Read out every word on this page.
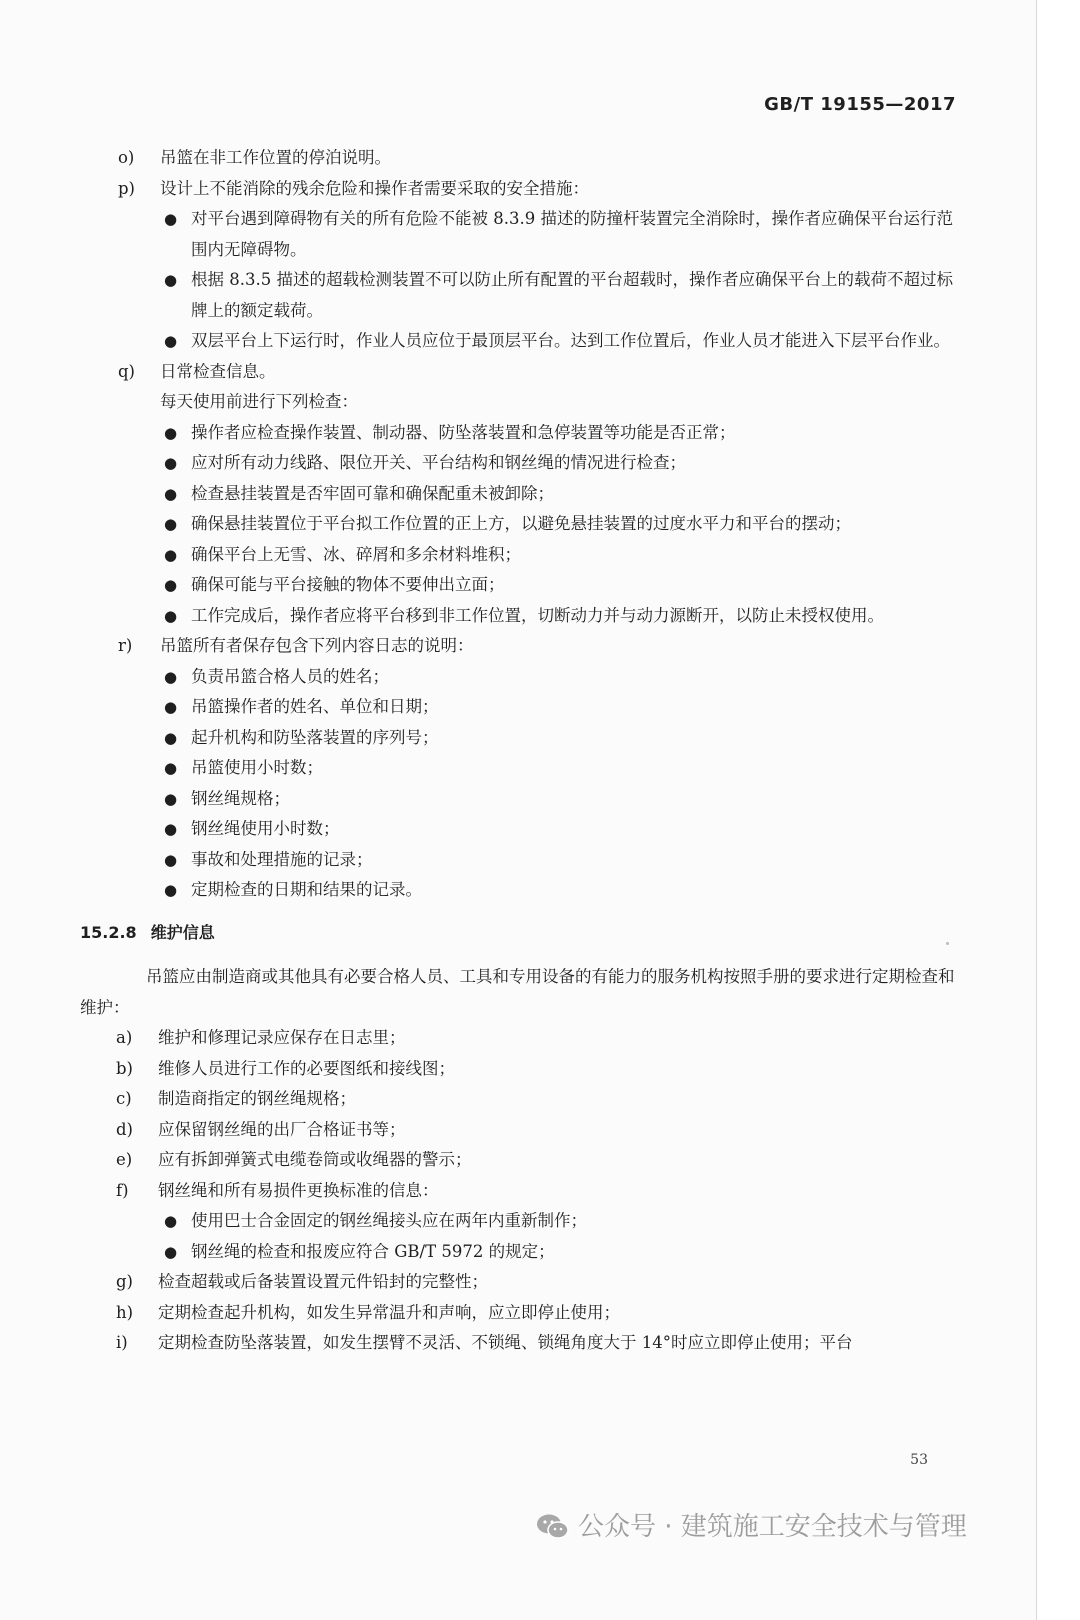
GB/T 19155—2017
o) 吊篮在非工作位置的停泊说明。
p) 设计上不能消除的残余危险和操作者需要采取的安全措施：
● 对平台遇到障碍物有关的所有危险不能被 8.3.9 描述的防撞杆装置完全消除时，操作者应确保平台运行范围内无障碍物。
● 根据 8.3.5 描述的超载检测装置不可以防止所有配置的平台超载时，操作者应确保平台上的载荷不超过标牌上的额定载荷。
● 双层平台上下运行时，作业人员应位于最顶层平台。达到工作位置后，作业人员才能进入下层平台作业。
q) 日常检查信息。
每天使用前进行下列检查：
● 操作者应检查操作装置、制动器、防坠落装置和急停装置等功能是否正常；
● 应对所有动力线路、限位开关、平台结构和钢丝绳的情况进行检查；
● 检查悬挂装置是否牢固可靠和确保配重未被卸除；
● 确保悬挂装置位于平台拟工作位置的正上方，以避免悬挂装置的过度水平力和平台的摆动；
● 确保平台上无雪、冰、碎屑和多余材料堆积；
● 确保可能与平台接触的物体不要伸出立面；
● 工作完成后，操作者应将平台移到非工作位置，切断动力并与动力源断开，以防止未授权使用。
r) 吊篮所有者保存包含下列内容日志的说明：
● 负责吊篮合格人员的姓名；
● 吊篮操作者的姓名、单位和日期；
● 起升机构和防坠落装置的序列号；
● 吊篮使用小时数；
● 钢丝绳规格；
● 钢丝绳使用小时数；
● 事故和处理措施的记录；
● 定期检查的日期和结果的记录。
15.2.8 维护信息
吊篮应由制造商或其他具有必要合格人员、工具和专用设备的有能力的服务机构按照手册的要求进行定期检查和维护：
a) 维护和修理记录应保存在日志里；
b) 维修人员进行工作的必要图纸和接线图；
c) 制造商指定的钢丝绳规格；
d) 应保留钢丝绳的出厂合格证书等；
e) 应有拆卸弹簧式电缆卷筒或收绳器的警示；
f) 钢丝绳和所有易损件更换标准的信息：
● 使用巴士合金固定的钢丝绳接头应在两年内重新制作；
● 钢丝绳的检查和报废应符合 GB/T 5972 的规定；
g) 检查超载或后备装置设置元件铅封的完整性；
h) 定期检查起升机构，如发生异常温升和声响，应立即停止使用；
i) 定期检查防坠落装置，如发生摆臂不灵活、不锁绳、锁绳角度大于 14°时应立即停止使用；平台
53
公众号 · 建筑施工安全技术与管理
